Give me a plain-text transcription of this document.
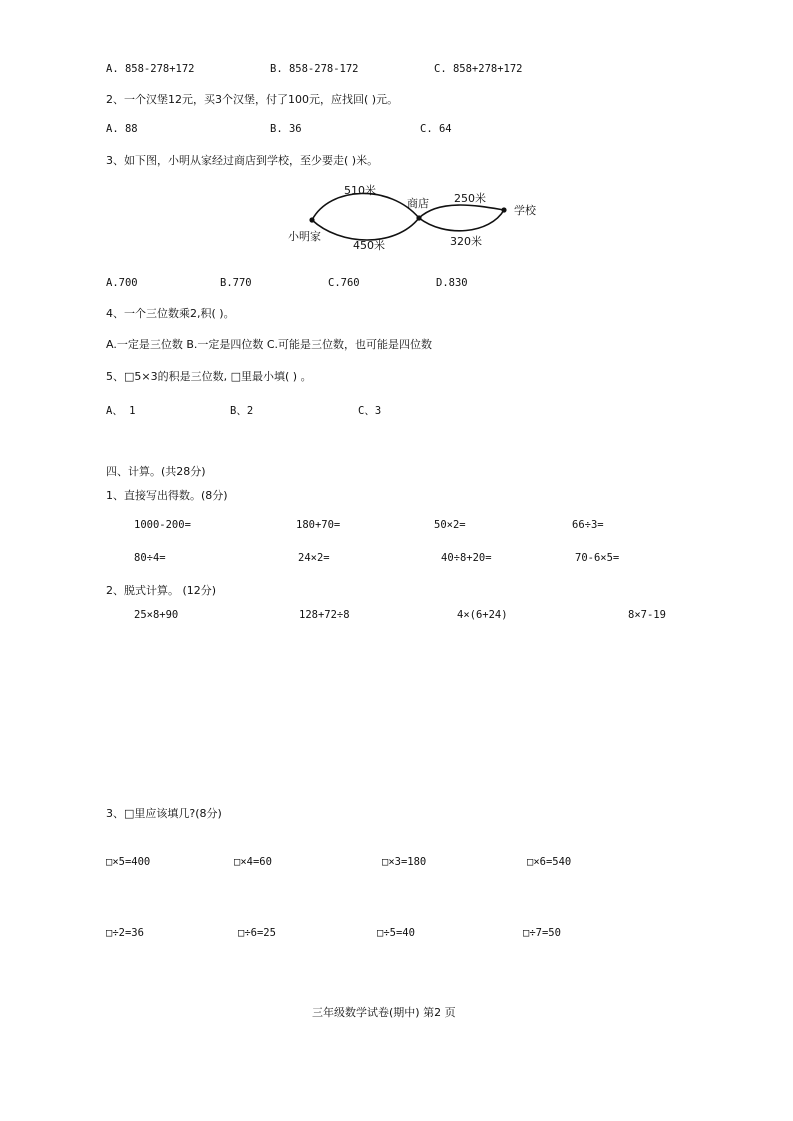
A. 858-278+172	B. 858-278-172	C. 858+278+172
2、一个汉堡12元，买3个汉堡，付了100元，应找回( )元。
A. 88	B. 36	C. 64
3、如下图，小明从家经过商店到学校，至少要走( )米。
510米
450米
250米
320米
小明家
商店
学校
A.700	B.770	C.760	D.830
4、一个三位数乘2,积( )。
A.一定是三位数 B.一定是四位数 C.可能是三位数，也可能是四位数
5、□5×3的积是三位数, □里最小填( ) 。
A、 1	B、2	C、3
四、计算。(共28分)
1、直接写出得数。(8分)
1000-200=	180+70=	50×2=	66÷3=
80÷4=	24×2=	40÷8+20=	70-6×5=
2、脱式计算。 (12分)
25×8+90	128+72÷8	4×(6+24)	8×7-19
3、□里应该填几?(8分)
□×5=400	□×4=60	□×3=180	□×6=540
□÷2=36	□÷6=25	□÷5=40	□÷7=50
三年级数学试卷(期中) 第2 页
